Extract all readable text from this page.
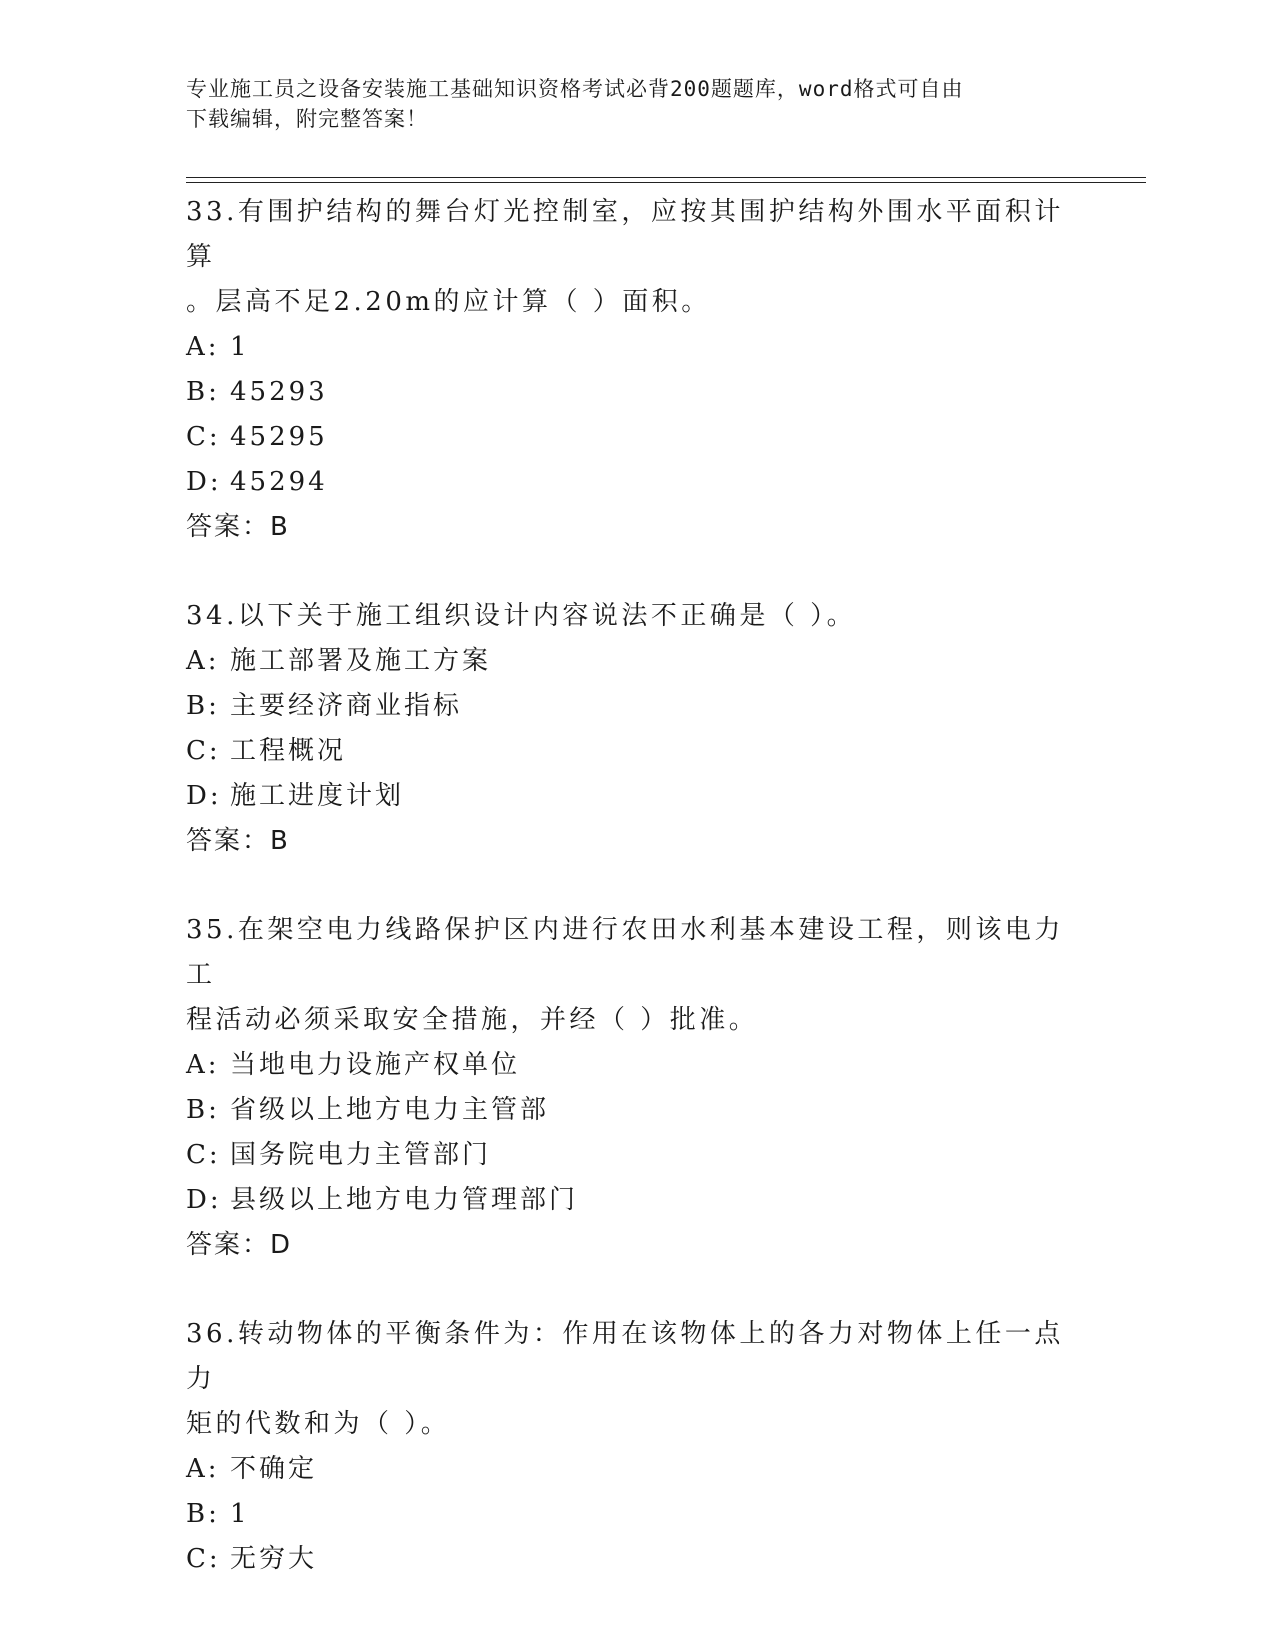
专业施工员之设备安装施工基础知识资格考试必背200题题库，word格式可自由
下载编辑，附完整答案！
33.有围护结构的舞台灯光控制室，应按其围护结构外围水平面积计算
。层高不足2.20m的应计算（ ）面积。
A: 1
B: 45293
C: 45295
D: 45294
答案：B
34.以下关于施工组织设计内容说法不正确是（ ）。
A: 施工部署及施工方案
B: 主要经济商业指标
C: 工程概况
D: 施工进度计划
答案：B
35.在架空电力线路保护区内进行农田水利基本建设工程，则该电力工
程活动必须采取安全措施，并经（ ）批准。
A: 当地电力设施产权单位
B: 省级以上地方电力主管部
C: 国务院电力主管部门
D: 县级以上地方电力管理部门
答案：D
36.转动物体的平衡条件为：作用在该物体上的各力对物体上任一点力
矩的代数和为（ ）。
A: 不确定
B: 1
C: 无穷大
